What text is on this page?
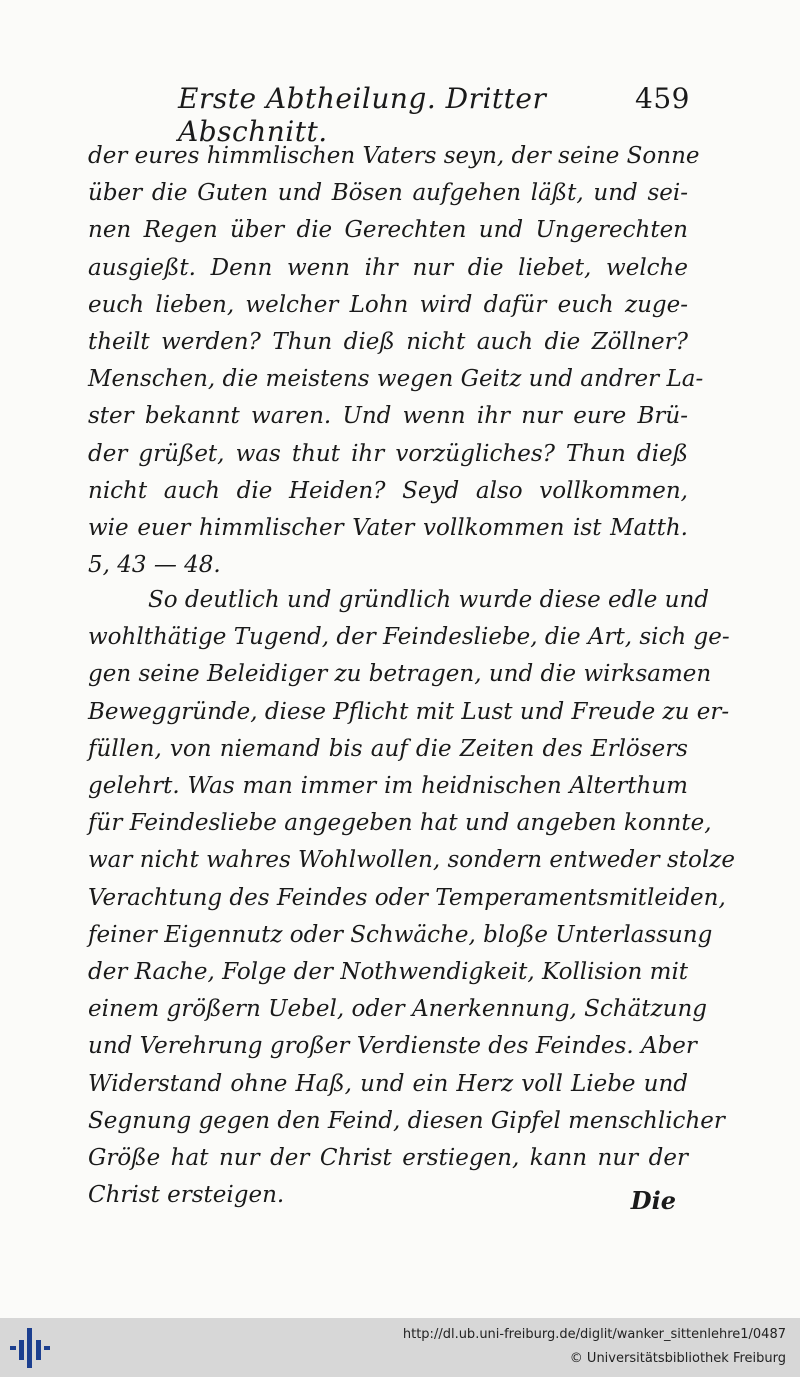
Erste Abtheilung. Dritter Abschnitt.
459
der eures himmlischen Vaters seyn, der seine Sonne
über die Guten und Bösen aufgehen läßt, und sei-
nen Regen über die Gerechten und Ungerechten
ausgießt. Denn wenn ihr nur die liebet, welche
euch lieben, welcher Lohn wird dafür euch zuge-
theilt werden? Thun dieß nicht auch die Zöllner?
Menschen, die meistens wegen Geitz und andrer La-
ster bekannt waren. Und wenn ihr nur eure Brü-
der grüßet, was thut ihr vorzügliches? Thun dieß
nicht auch die Heiden? Seyd also vollkommen,
wie euer himmlischer Vater vollkommen ist Matth.
5, 43 — 48.
So deutlich und gründlich wurde diese edle und
wohlthätige Tugend, der Feindesliebe, die Art, sich ge-
gen seine Beleidiger zu betragen, und die wirksamen
Beweggründe, diese Pflicht mit Lust und Freude zu er-
füllen, von niemand bis auf die Zeiten des Erlösers
gelehrt. Was man immer im heidnischen Alterthum
für Feindesliebe angegeben hat und angeben konnte,
war nicht wahres Wohlwollen, sondern entweder stolze
Verachtung des Feindes oder Temperamentsmitleiden,
feiner Eigennutz oder Schwäche, bloße Unterlassung
der Rache, Folge der Nothwendigkeit, Kollision mit
einem größern Uebel, oder Anerkennung, Schätzung
und Verehrung großer Verdienste des Feindes. Aber
Widerstand ohne Haß, und ein Herz voll Liebe und
Segnung gegen den Feind, diesen Gipfel menschlicher
Größe hat nur der Christ erstiegen, kann nur der
Christ ersteigen.	Die
http://dl.ub.uni-freiburg.de/diglit/wanker_sittenlehre1/0487
© Universitätsbibliothek Freiburg
